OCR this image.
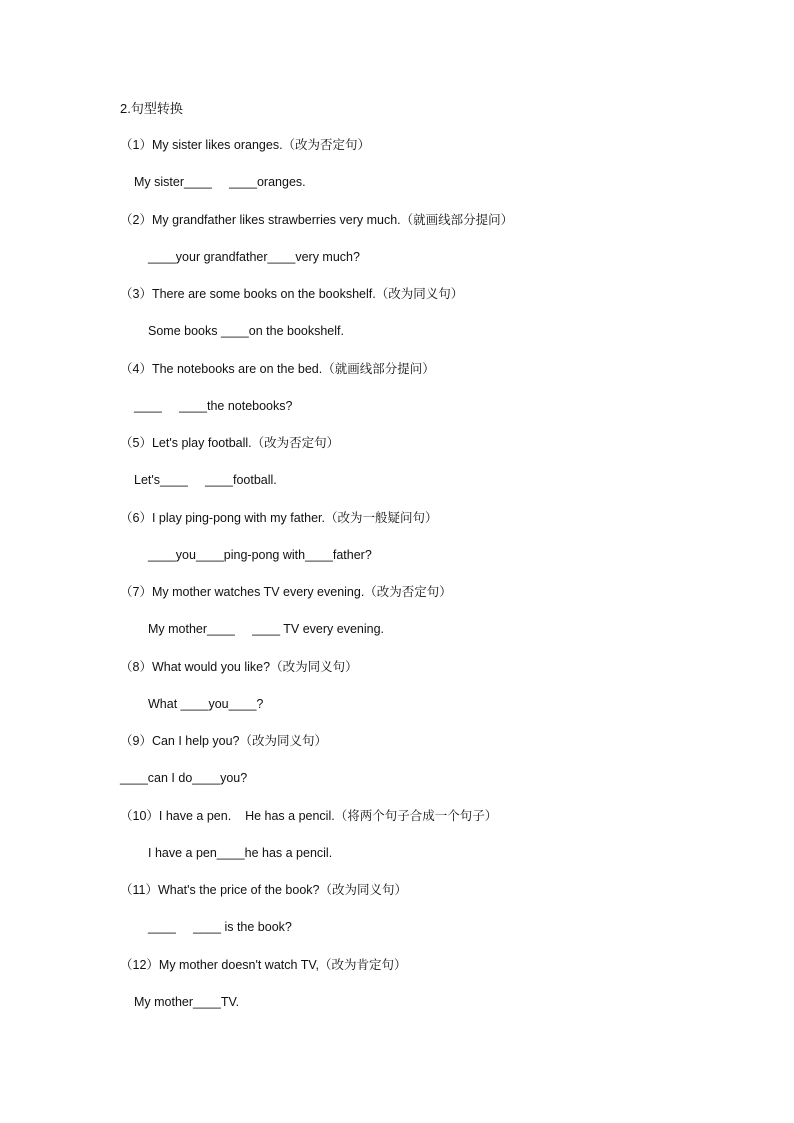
2.句型转换
（1）My sister likes oranges.（改为否定句）
My sister____     ____oranges.
（2）My grandfather likes strawberries very much.（就画线部分提问）
____your grandfather____very much?
（3）There are some books on the bookshelf.（改为同义句）
Some books ____on the bookshelf.
（4）The notebooks are on the bed.（就画线部分提问）
____     ____the notebooks?
（5）Let's play football.（改为否定句）
Let's____     ____football.
（6）I play ping-pong with my father.（改为一般疑问句）
____you____ping-pong with____father?
（7）My mother watches TV every evening.（改为否定句）
My mother____     ____ TV every evening.
（8）What would you like?（改为同义句）
What ____you____?
（9）Can I help you?（改为同义句）
____can I do____you?
（10）I have a pen.    He has a pencil.（将两个句子合成一个句子）
I have a pen____he has a pencil.
（11）What's the price of the book?（改为同义句）
____     ____ is the book?
（12）My mother doesn't watch TV,（改为肯定句）
My mother____TV.
